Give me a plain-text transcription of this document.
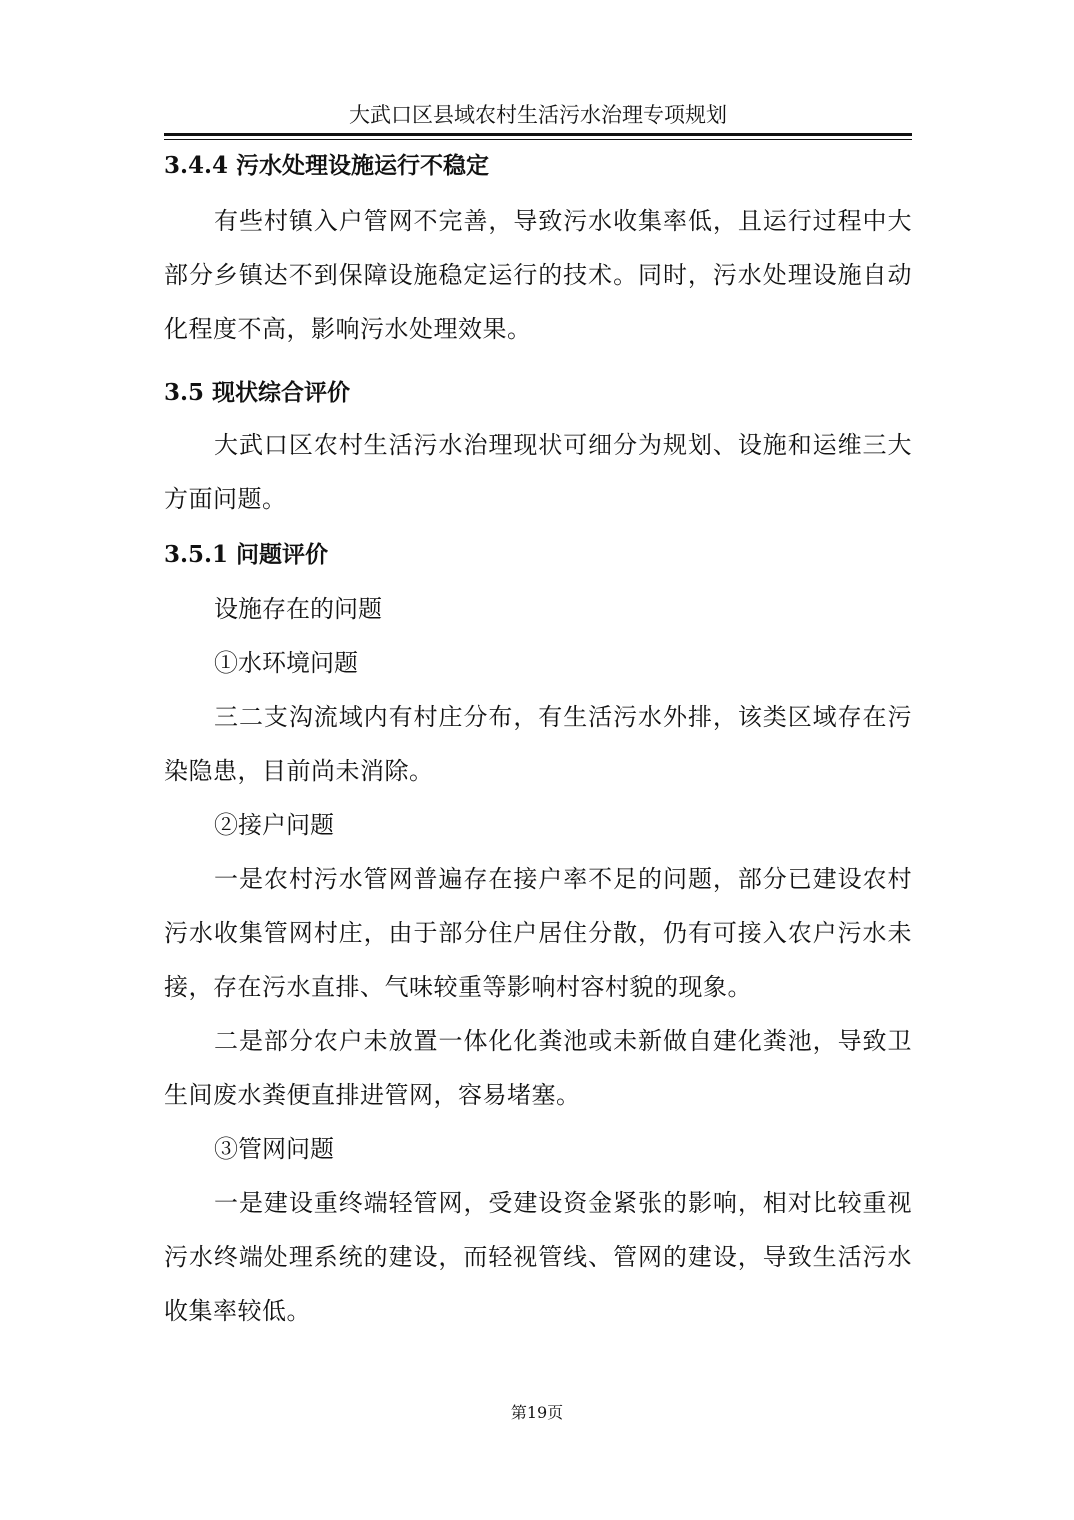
大武口区县域农村生活污水治理专项规划
3.4.4 污水处理设施运行不稳定

有些村镇入户管网不完善，导致污水收集率低，且运行过程中大部分乡镇达不到保障设施稳定运行的技术。同时，污水处理设施自动化程度不高，影响污水处理效果。

3.5 现状综合评价

大武口区农村生活污水治理现状可细分为规划、设施和运维三大方面问题。

3.5.1 问题评价

设施存在的问题

①水环境问题

三二支沟流域内有村庄分布，有生活污水外排，该类区域存在污染隐患，目前尚未消除。

②接户问题

一是农村污水管网普遍存在接户率不足的问题，部分已建设农村污水收集管网村庄，由于部分住户居住分散，仍有可接入农户污水未接，存在污水直排、气味较重等影响村容村貌的现象。

二是部分农户未放置一体化化粪池或未新做自建化粪池，导致卫生间废水粪便直排进管网，容易堵塞。

③管网问题

一是建设重终端轻管网，受建设资金紧张的影响，相对比较重视污水终端处理系统的建设，而轻视管线、管网的建设，导致生活污水收集率较低。

第19页
